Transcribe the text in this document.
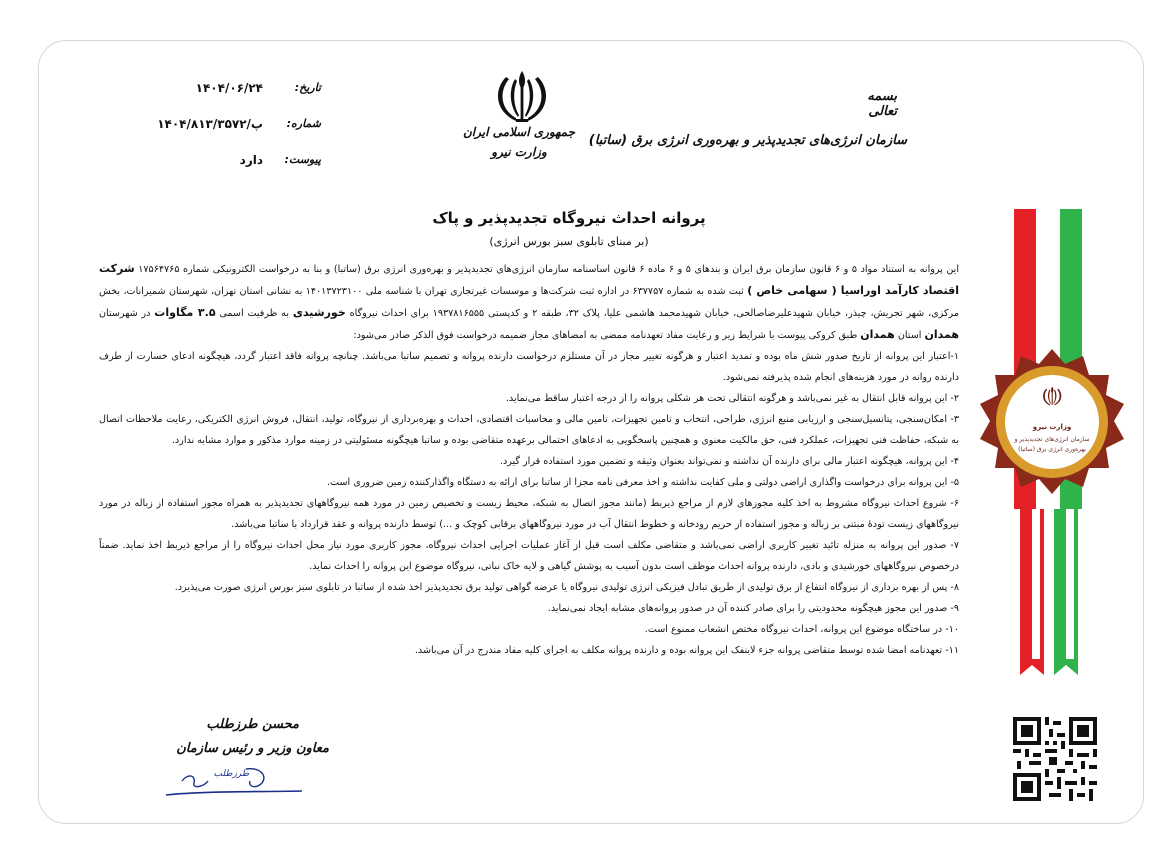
بسمه تعالی
سازمان انرژی‌های تجدیدپذیر و بهره‌وری انرژی برق (ساتبا)
جمهوری اسلامی ایران
وزارت نیرو
تاریخ:
۱۴۰۴/۰۶/۲۴
شماره:
۱۴۰۴/۸۱۳/پ/۳۵۷۲
پیوست:
دارد
پروانه احداث نیروگاه تجدیدپذیر و پاک
(بر مبنای تابلوی سبز بورس انرژی)

این پروانه به استناد مواد ۵ و ۶ قانون سازمان برق ایران و بندهای ۵ و ۶ ماده ۶ قانون اساسنامه سازمان انرژی‌های تجدیدپذیر و بهره‌وری انرژی برق (ساتبا) و بنا به درخواست الکترونیکی شماره ۱۷۵۶۴۷۶۵ شرکت اقتصاد کارآمد اوراسیا ( سهامی خاص ) ثبت شده به شماره ۶۳۷۷۵۷ در اداره ثبت شرکت‌ها و موسسات غیرتجاری تهران با شناسه ملی ۱۴۰۱۳۷۲۳۱۰۰ به نشانی استان تهران، شهرستان شمیرانات، بخش مرکزی، شهر تجریش، چیذر، خیابان شهیدعلیرضاصالحی، خیابان شهیدمحمد هاشمی علیا، پلاک ۳۲، طبقه ۲ و کدپستی ۱۹۳۷۸۱۶۵۵۵ برای احداث نیروگاه خورشیدی به ظرفیت اسمی ۳.۵ مگاوات در شهرستان همدان استان همدان طبق کروکی پیوست با شرایط زیر و رعایت مفاد تعهدنامه ممضی به امضاهای مجاز ضمیمه درخواست فوق الذکر صادر می‌شود:

۱-اعتبار این پروانه از تاریخ صدور شش ماه بوده و تمدید اعتبار و هرگونه تغییر مجاز در آن مستلزم درخواست دارنده پروانه و تصمیم ساتبا می‌باشد. چنانچه پروانه فاقد اعتبار گردد، هیچگونه ادعای خسارت از طرف دارنده روانه در مورد هزینه‌های انجام شده پذیرفته نمی‌شود.

۲- این پروانه قابل انتقال به غیر نمی‌باشد و هرگونه انتقالی تحت هر شکلی پروانه را از درجه اعتبار ساقط می‌نماید.

۳- امکان‌سنجی، پتانسیل‌سنجی و ارزیابی منبع انرژی، طراحی، انتخاب و تامین تجهیزات، تامین مالی و محاسبات اقتصادی، احداث و بهره‌برداری از نیروگاه، تولید، انتقال، فروش انرژی الکتریکی، رعایت ملاحظات اتصال به شبکه، حفاظت فنی تجهیزات، عملکرد فنی، حق مالکیت معنوی و همچنین پاسخگویی به ادعاهای احتمالی برعهده متقاضی بوده و ساتبا هیچگونه مسئولیتی در زمینه موارد مذکور و موارد مشابه ندارد.

۴- این پروانه، هیچگونه اعتبار مالی برای دارنده آن نداشته و نمی‌تواند بعنوان وثیقه و تضمین مورد استفاده قرار گیرد.

۵- این پروانه برای درخواست واگذاری اراضی دولتی و ملی کفایت نداشته و اخذ معرفی نامه مجزا از ساتبا برای ارائه به دستگاه واگذارکننده زمین ضروری است.

۶- شروع احداث نیروگاه مشروط به اخذ کلیه مجوزهای لازم از مراجع ذیربط (مانند مجوز اتصال به شبکه، محیط زیست و تخصیص زمین در مورد همه نیروگاههای تجدیدپذیر به همراه مجوز استفاده از زباله در مورد نیروگاههای زیست تودهٔ مبتنی بر زباله و مجوز استفاده از حریم رودخانه و خطوط انتقال آب در مورد نیروگاههای برقابی کوچک و ...) توسط دارنده پروانه و عقد قرارداد با ساتبا می‌باشد.

۷- صدور این پروانه به منزله تائید تغییر کاربری اراضی نمی‌باشد و متقاضی مکلف است قبل از آغاز عملیات اجرایی احداث نیروگاه، مجوز کاربری مورد نیاز محل احداث نیروگاه را از مراجع ذیربط اخذ نماید. ضمناً درخصوص نیروگاههای خورشیدی و بادی، دارنده پروانه احداث موظف است بدون آسیب به پوشش گیاهی و لایه خاک نباتی، نیروگاه موضوع این پروانه را احداث نماید.

۸- پس از بهره برداری از نیروگاه انتفاع از برق تولیدی از طریق تبادل فیزیکی انرژی تولیدی نیروگاه یا عرضه گواهی تولید برق تجدیدپذیر اخذ شده از ساتبا در تابلوی سبز بورس انرژی صورت می‌پذیرد.

۹- صدور این مجوز هیچگونه محدودیتی را برای صادر کننده آن در صدور پروانه‌های مشابه ایجاد نمی‌نماید.

۱۰- در ساختگاه موضوع این پروانه، احداث نیروگاه مختص انشعاب ممنوع است.

۱۱- تعهدنامه امضا شده توسط متقاضی پروانه جزء لاینفک این پروانه بوده و دارنده پروانه مکلف به اجرای کلیه مفاد مندرج در آن می‌باشد.

وزارت نیرو
سازمان انرژی‌های تجدیدپذیر و
بهره‌وری انرژی برق (ساتبا)
محسن طرزطلب
معاون وزیر و رئیس سازمان
طرزطلب
